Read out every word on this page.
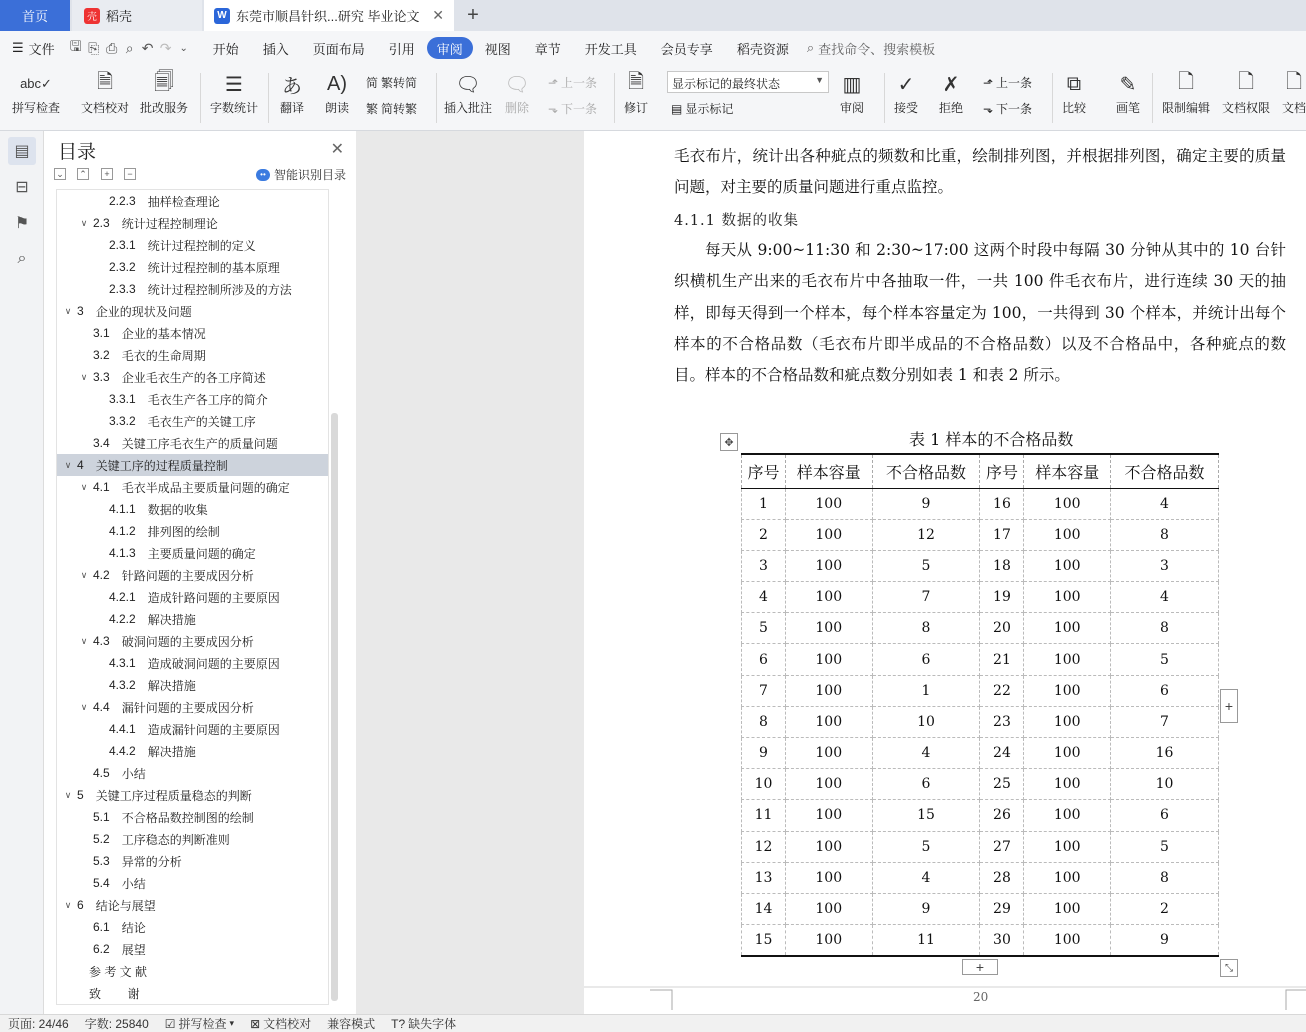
首页	壳 稻壳	W 东莞市顺昌针织...研究 毕业论文 ✕	+
☰ 文件 🖫 ⎘ ⎙ ⌕ ↶ ↷ ⌄	开始 插入 页面布局 引用 审阅 视图 章节 开发工具 会员专享 稻壳资源 ⌕ 查找命令、搜索模板
abc✓
拼写检查
🗎
文档校对
🗐
批改服务
☰
字数统计
あ
翻译
A)
朗读
简 繁转简
繁 简转繁
🗨
插入批注
🗨
删除
⬏ 上一条
⬎ 下一条
🗎
修订
显示标记的最终状态	▼
▤ 显示标记
▥
审阅
✓
接受
✗
拒绝
⬏ 上一条
⬎ 下一条
⧉
比较
✎
画笔
🗋
限制编辑
🗋
文档权限
🗋
文档
▤
⊟
⚑
⌕
目录	✕
⌄ ⌃	+	−	•• 智能识别目录
2.2.3 抽样检查理论
∨ 2.3 统计过程控制理论
2.3.1 统计过程控制的定义
2.3.2 统计过程控制的基本原理
2.3.3 统计过程控制所涉及的方法
∨ 3 企业的现状及问题
3.1 企业的基本情况
3.2 毛衣的生命周期
∨ 3.3 企业毛衣生产的各工序简述
3.3.1 毛衣生产各工序的简介
3.3.2 毛衣生产的关键工序
3.4 关键工序毛衣生产的质量问题
∨ 4 关键工序的过程质量控制
∨ 4.1 毛衣半成品主要质量问题的确定
4.1.1 数据的收集
4.1.2 排列图的绘制
4.1.3 主要质量问题的确定
∨ 4.2 针路问题的主要成因分析
4.2.1 造成针路问题的主要原因
4.2.2 解决措施
∨ 4.3 破洞问题的主要成因分析
4.3.1 造成破洞问题的主要原因
4.3.2 解决措施
∨ 4.4 漏针问题的主要成因分析
4.4.1 造成漏针问题的主要原因
4.4.2 解决措施
4.5 小结
∨ 5 关键工序过程质量稳态的判断
5.1 不合格品数控制图的绘制
5.2 工序稳态的判断准则
5.3 异常的分析
5.4 小结
∨ 6 结论与展望
6.1 结论
6.2 展望
参 考 文 献
致        谢
毛衣布片，统计出各种疵点的频数和比重，绘制排列图，并根据排列图，确定主要的质量问题，对主要的质量问题进行重点监控。
4.1.1 数据的收集
每天从 9:00~11:30 和 2:30~17:00 这两个时段中每隔 30 分钟从其中的 10 台针织横机生产出来的毛衣布片中各抽取一件，一共 100 件毛衣布片，进行连续 30 天的抽样，即每天得到一个样本，每个样本容量定为 100，一共得到 30 个样本，并统计出每个样本的不合格品数（毛衣布片即半成品的不合格品数）以及不合格品中，各种疵点的数目。样本的不合格品数和疵点数分别如表 1 和表 2 所示。
表 1 样本的不合格品数
✥
序号	样本容量	不合格品数	序号	样本容量	不合格品数
1	100	9	16	100	4
2	100	12	17	100	8
3	100	5	18	100	3
4	100	7	19	100	4
5	100	8	20	100	8
6	100	6	21	100	5
7	100	1	22	100	6
8	100	10	23	100	7
9	100	4	24	100	16
10	100	6	25	100	10
11	100	15	26	100	6
12	100	5	27	100	5
13	100	4	28	100	8
14	100	9	29	100	2
15	100	11	30	100	9
+
+	⤡
20
页面: 24/46	字数: 25840	☑ 拼写检查 ▾ ⊠ 文档校对	兼容模式	T? 缺失字体
